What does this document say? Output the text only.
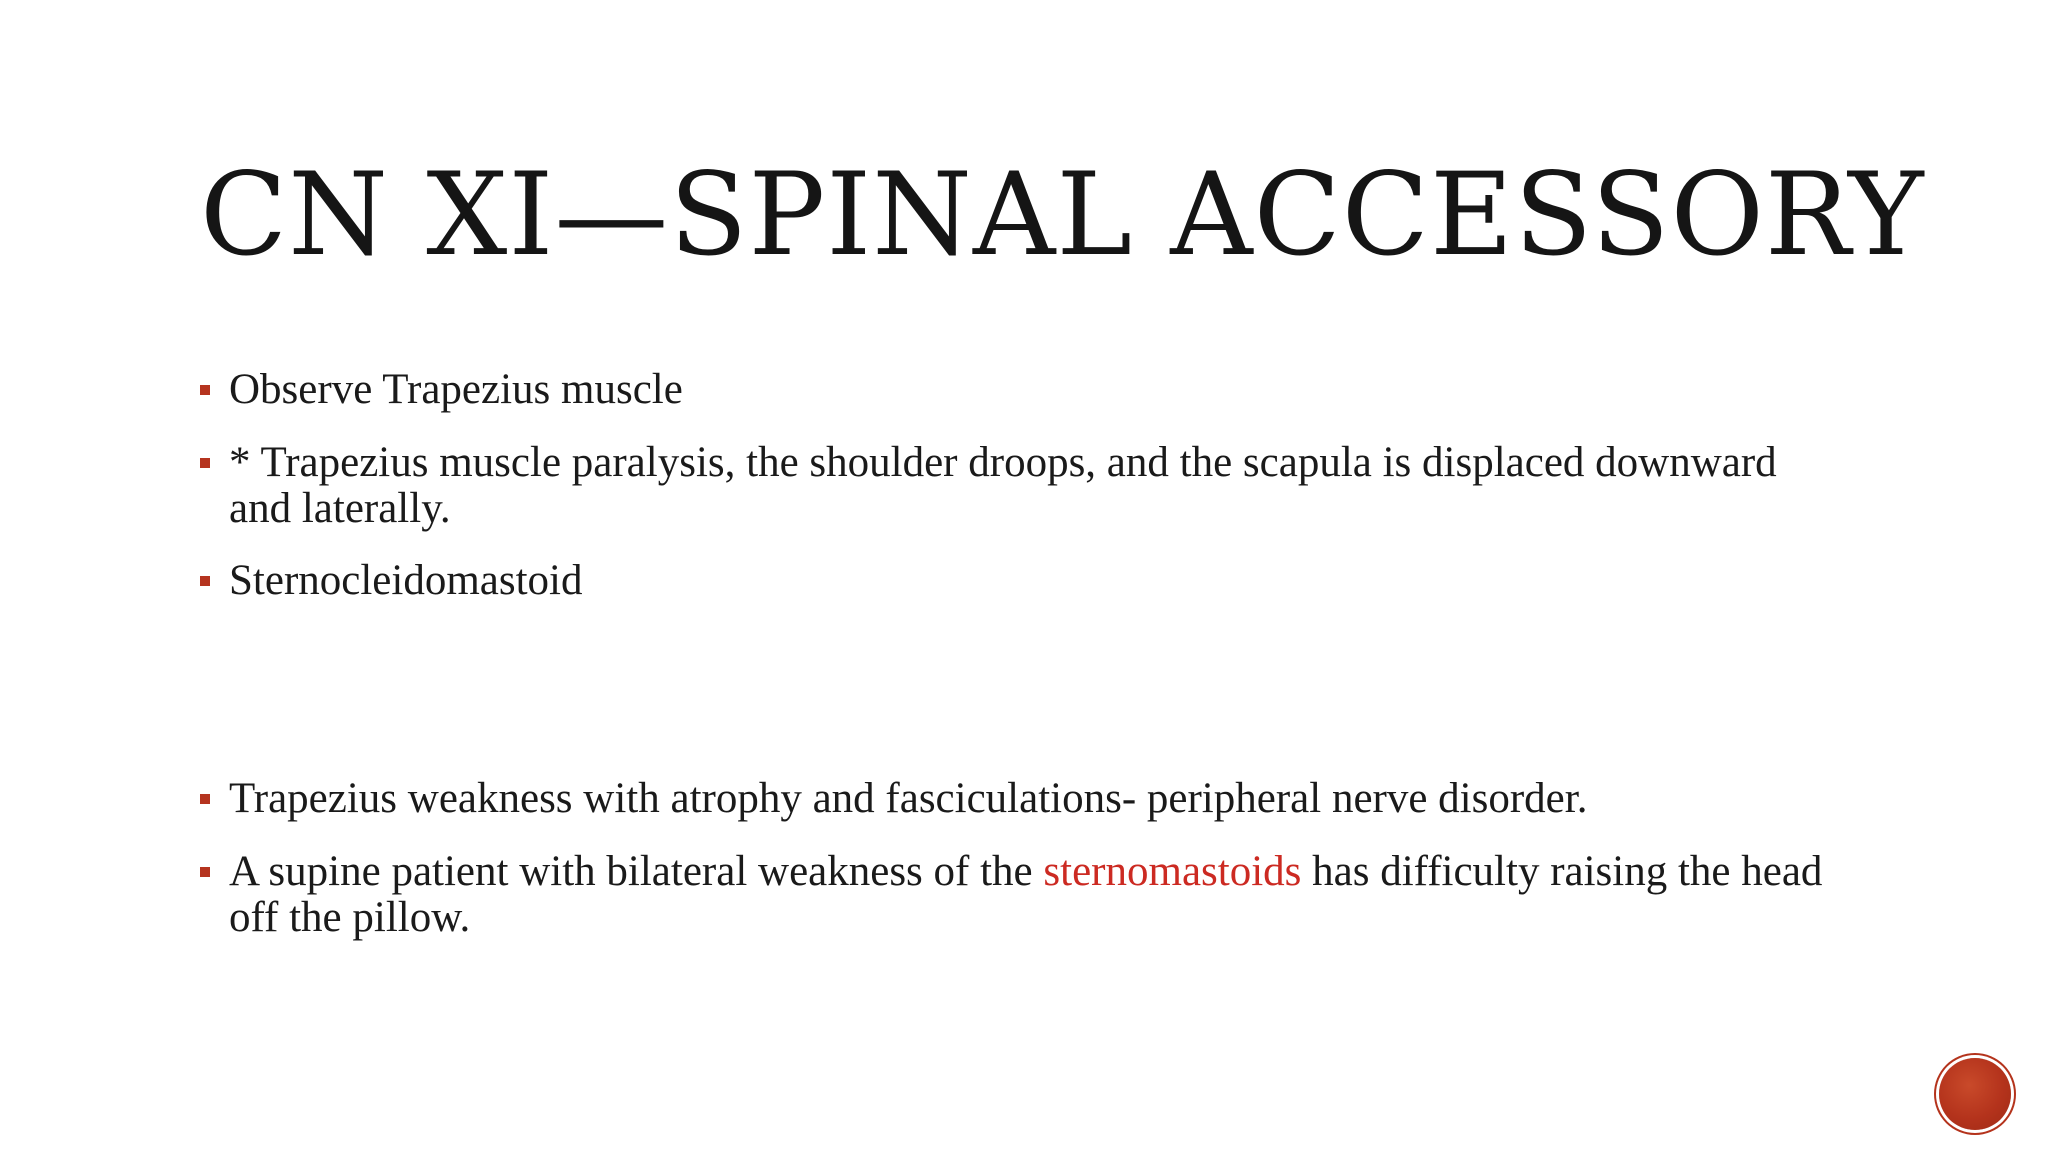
CN XI—SPINAL ACCESSORY
Observe Trapezius muscle
* Trapezius muscle paralysis, the shoulder droops, and the scapula is displaced downward and laterally.
Sternocleidomastoid
Trapezius weakness with atrophy and fasciculations- peripheral nerve disorder.
A supine patient with bilateral weakness of the sternomastoids has difficulty raising the head off the pillow.
